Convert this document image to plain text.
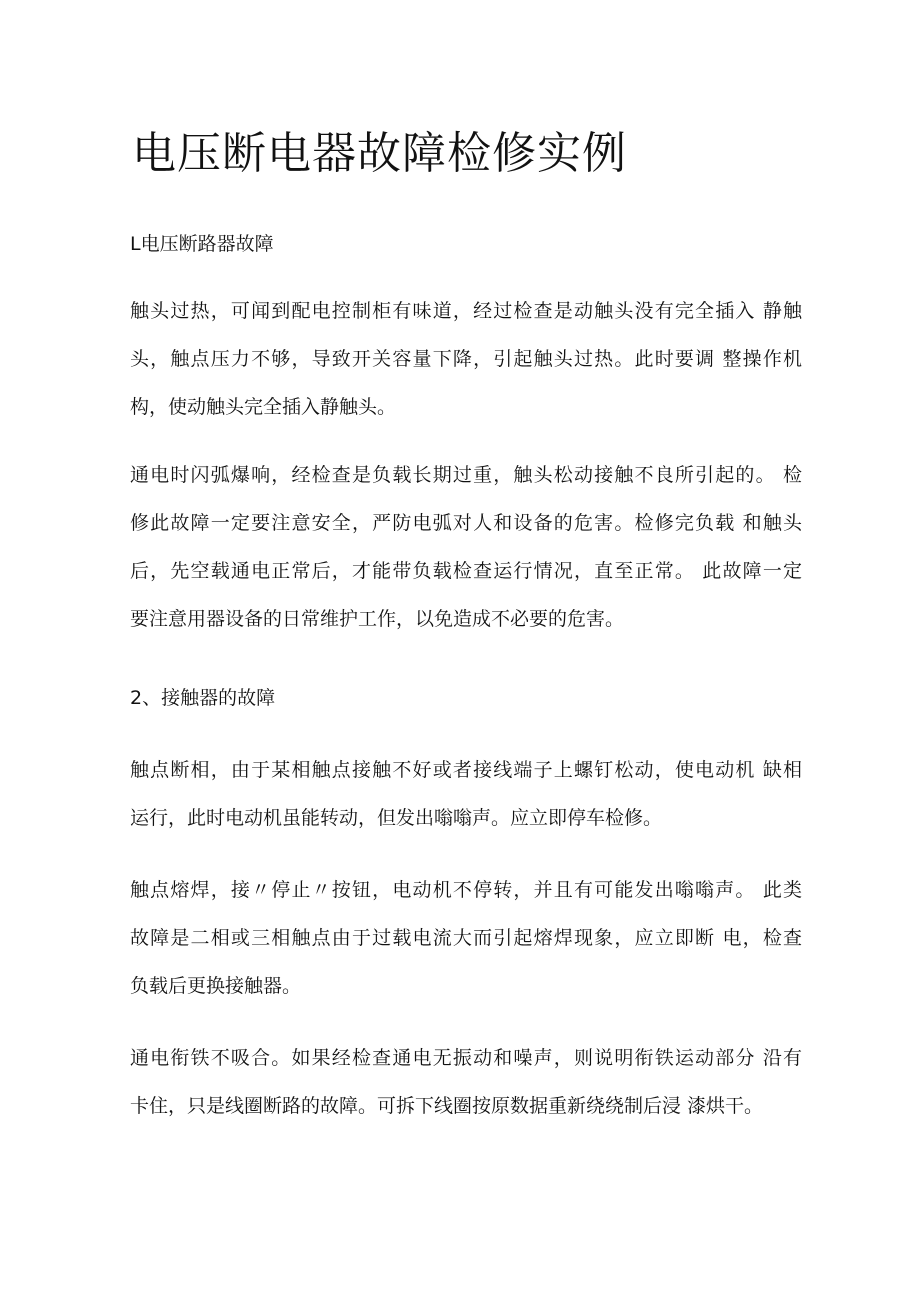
电压断电器故障检修实例
L电压断路器故障
触头过热，可闻到配电控制柜有味道，经过检查是动触头没有完全插入 静触
头，触点压力不够，导致开关容量下降，引起触头过热。此时要调 整操作机
构，使动触头完全插入静触头。
通电时闪弧爆响，经检查是负载长期过重，触头松动接触不良所引起的。 检
修此故障一定要注意安全，严防电弧对人和设备的危害。检修完负载 和触头
后，先空载通电正常后，才能带负载检查运行情况，直至正常。 此故障一定
要注意用器设备的日常维护工作，以免造成不必要的危害。
2、接触器的故障
触点断相，由于某相触点接触不好或者接线端子上螺钉松动，使电动机 缺相
运行，此时电动机虽能转动，但发出嗡嗡声。应立即停车检修。
触点熔焊，接〃停止〃按钮，电动机不停转，并且有可能发出嗡嗡声。 此类
故障是二相或三相触点由于过载电流大而引起熔焊现象，应立即断 电，检查
负载后更换接触器。
通电衔铁不吸合。如果经检查通电无振动和噪声，则说明衔铁运动部分 沿有
卡住，只是线圈断路的故障。可拆下线圈按原数据重新绕绕制后浸 漆烘干。
